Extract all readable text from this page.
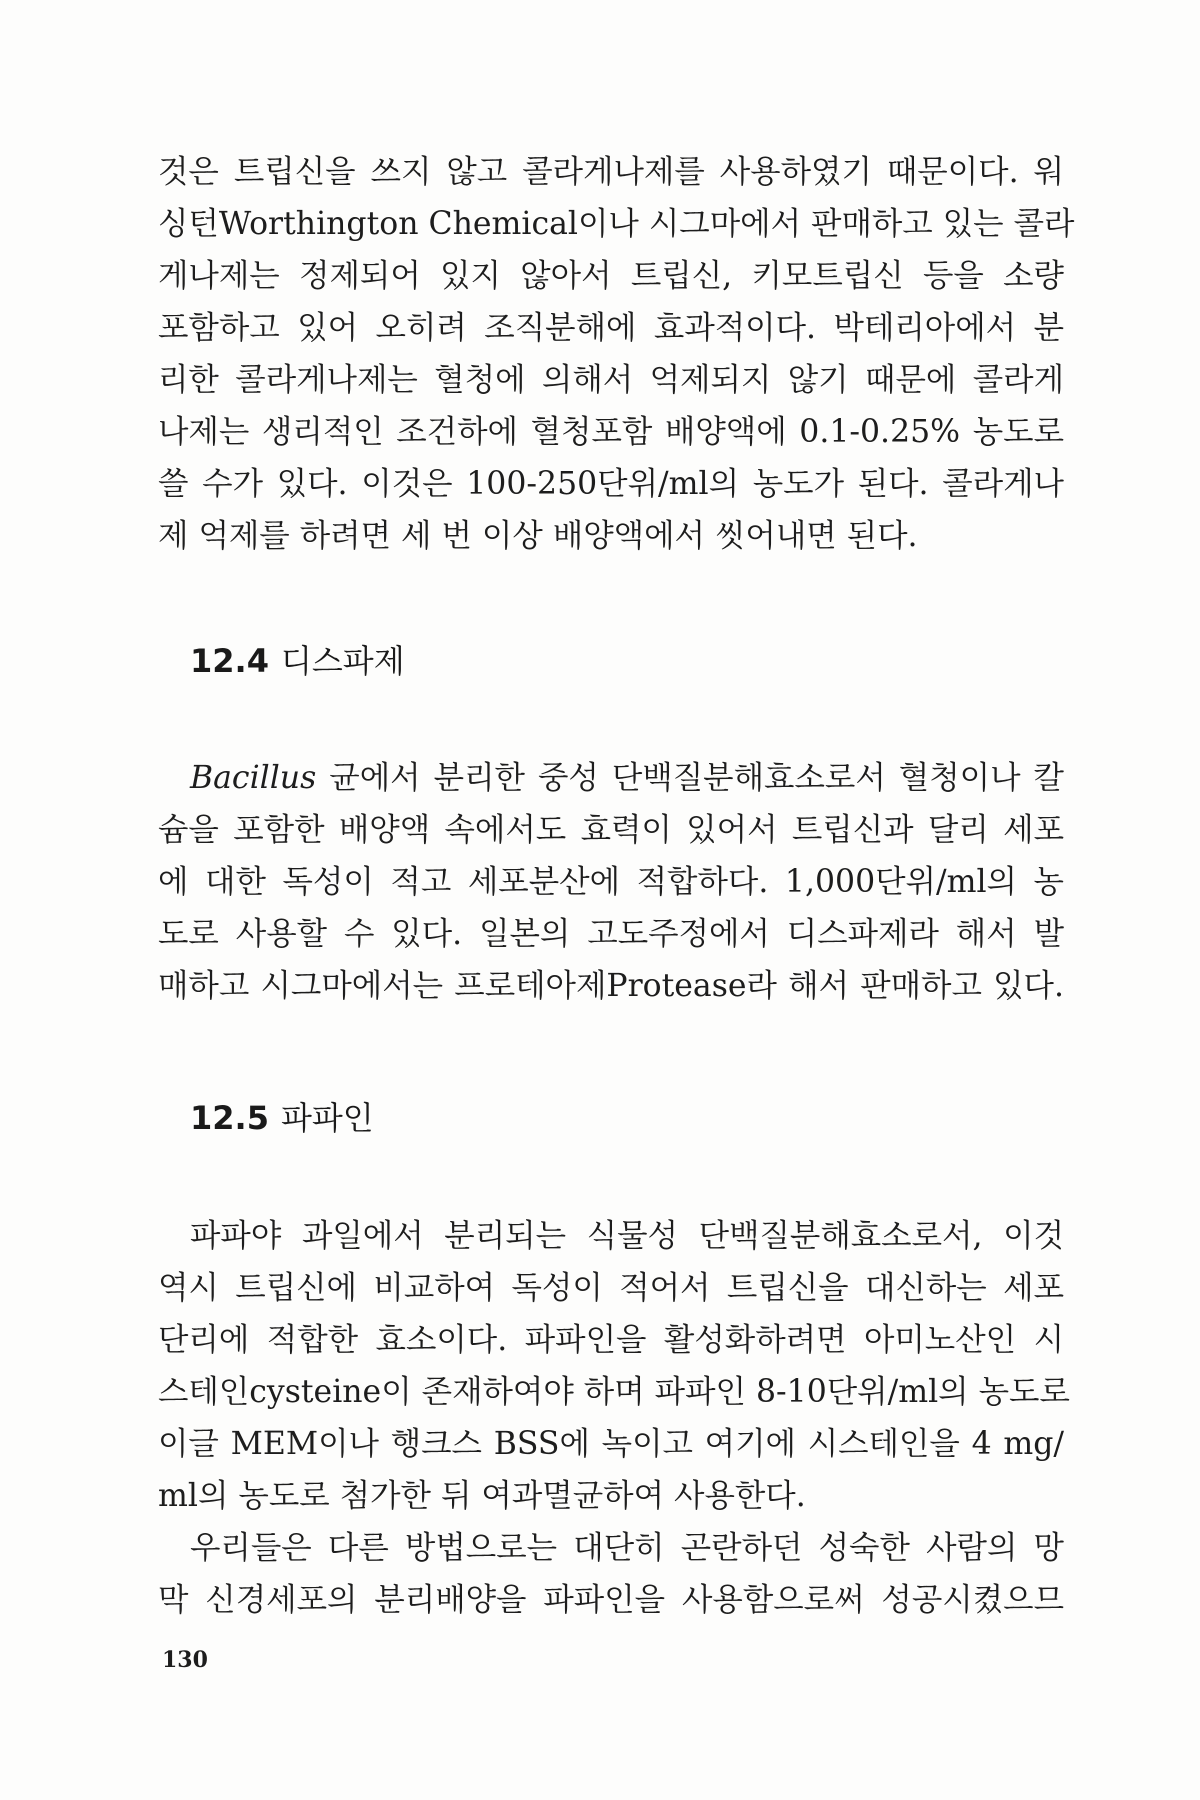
것은 트립신을 쓰지 않고 콜라게나제를 사용하였기 때문이다. 워
싱턴Worthington Chemical이나 시그마에서 판매하고 있는 콜라
게나제는 정제되어 있지 않아서 트립신, 키모트립신 등을 소량
포함하고 있어 오히려 조직분해에 효과적이다. 박테리아에서 분
리한 콜라게나제는 혈청에 의해서 억제되지 않기 때문에 콜라게
나제는 생리적인 조건하에 혈청포함 배양액에 0.1-0.25% 농도로
쓸 수가 있다. 이것은 100-250단위/ml의 농도가 된다. 콜라게나
제 억제를 하려면 세 번 이상 배양액에서 씻어내면 된다.
12.4 디스파제
Bacillus 균에서 분리한 중성 단백질분해효소로서 혈청이나 칼
슘을 포함한 배양액 속에서도 효력이 있어서 트립신과 달리 세포
에 대한 독성이 적고 세포분산에 적합하다. 1,000단위/ml의 농
도로 사용할 수 있다. 일본의 고도주정에서 디스파제라 해서 발
매하고 시그마에서는 프로테아제Protease라 해서 판매하고 있다.
12.5 파파인
파파야 과일에서 분리되는 식물성 단백질분해효소로서, 이것
역시 트립신에 비교하여 독성이 적어서 트립신을 대신하는 세포
단리에 적합한 효소이다. 파파인을 활성화하려면 아미노산인 시
스테인cysteine이 존재하여야 하며 파파인 8-10단위/ml의 농도로
이글 MEM이나 행크스 BSS에 녹이고 여기에 시스테인을 4 mg/
ml의 농도로 첨가한 뒤 여과멸균하여 사용한다.
우리들은 다른 방법으로는 대단히 곤란하던 성숙한 사람의 망
막 신경세포의 분리배양을 파파인을 사용함으로써 성공시켰으므
130
